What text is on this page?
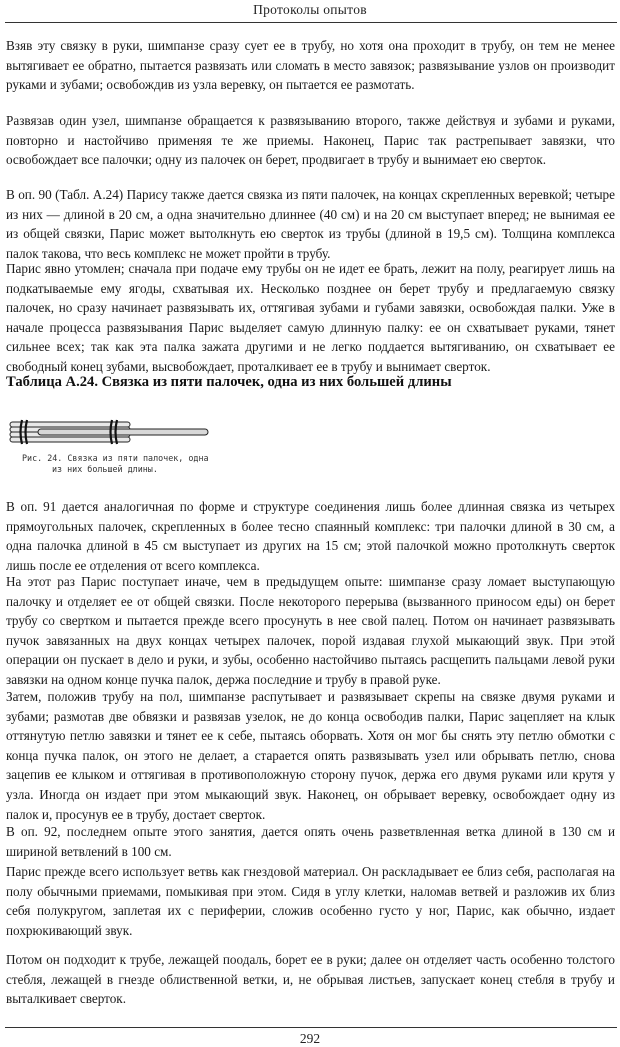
Протоколы опытов

Взяв эту связку в руки, шимпанзе сразу сует ее в трубу, но хотя она проходит в трубу, он тем не менее вытягивает ее обратно, пытается развязать или сломать в место завязок; развязывание узлов он производит руками и зубами; освобождив из узла веревку, он пытается ее размотать.

Развязав один узел, шимпанзе обращается к развязыванию второго, также действуя и зубами и руками, повторно и настойчиво применяя те же приемы. Наконец, Парис так растрепывает завязки, что освобождает все палочки; одну из палочек он берет, продвигает в трубу и вынимает ею сверток.

В оп. 90 (Табл. А.24) Парису также дается связка из пяти палочек, на концах скрепленных веревкой; четыре из них — длиной в 20 см, а одна значительно длиннее (40 см) и на 20 см выступает вперед; не вынимая ее из общей связки, Парис может вытолкнуть ею сверток из трубы (длиной в 19,5 см). Толщина комплекса палок такова, что весь комплекс не может пройти в трубу.

Парис явно утомлен; сначала при подаче ему трубы он не идет ее брать, лежит на полу, реагирует лишь на подкатываемые ему ягоды, схватывая их. Несколько позднее он берет трубу и предлагаемую связку палочек, но сразу начинает развязывать их, оттягивая зубами и губами завязки, освобождая палки. Уже в начале процесса развязывания Парис выделяет самую длинную палку: ее он схватывает руками, тянет сильнее всех; так как эта палка зажата другими и не легко поддается вытягиванию, он схватывает ее свободный конец зубами, высвобождает, проталкивает ее в трубу и вынимает сверток.

Таблица А.24. Связка из пяти палочек, одна из них большей длины
Рис. 24. Связка из пяти палочек, одна
из них большей длины.

В оп. 91 дается аналогичная по форме и структуре соединения лишь более длинная связка из четырех прямоугольных палочек, скрепленных в более тесно спаянный комплекс: три палочки длиной в 30 см, а одна палочка длиной в 45 см выступает из других на 15 см; этой палочкой можно протолкнуть сверток лишь после ее отделения от всего комплекса.

На этот раз Парис поступает иначе, чем в предыдущем опыте: шимпанзе сразу ломает выступающую палочку и отделяет ее от общей связки. После некоторого перерыва (вызванного приносом еды) он берет трубу со свертком и пытается прежде всего просунуть в нее свой палец. Потом он начинает развязывать пучок завязанных на двух концах четырех палочек, порой издавая глухой мыкающий звук. При этой операции он пускает в дело и руки, и зубы, особенно настойчиво пытаясь расщепить пальцами левой руки завязки на одном конце пучка палок, держа последние и трубу в правой руке.

Затем, положив трубу на пол, шимпанзе распутывает и развязывает скрепы на связке двумя руками и зубами; размотав две обвязки и развязав узелок, не до конца освободив палки, Парис зацепляет на клык оттянутую петлю завязки и тянет ее к себе, пытаясь оборвать. Хотя он мог бы снять эту петлю обмотки с конца пучка палок, он этого не делает, а старается опять развязывать узел или обрывать петлю, снова зацепив ее клыком и оттягивая в противоположную сторону пучок, держа его двумя руками или крутя у узла. Иногда он издает при этом мыкающий звук. Наконец, он обрывает веревку, освобождает одну из палок и, просунув ее в трубу, достает сверток.

В оп. 92, последнем опыте этого занятия, дается опять очень разветвленная ветка длиной в 130 см и шириной ветвлений в 100 см.

Парис прежде всего использует ветвь как гнездовой материал. Он раскладывает ее близ себя, располагая на полу обычными приемами, помыкивая при этом. Сидя в углу клетки, наломав ветвей и разложив их близ себя полукругом, заплетая их с периферии, сложив особенно густо у ног, Парис, как обычно, издает похрюкивающий звук.

Потом он подходит к трубе, лежащей поодаль, борет ее в руки; далее он отделяет часть особенно толстого стебля, лежащей в гнезде облиственной ветки, и, не обрывая листьев, запускает конец стебля в трубу и выталкивает сверток.

292
